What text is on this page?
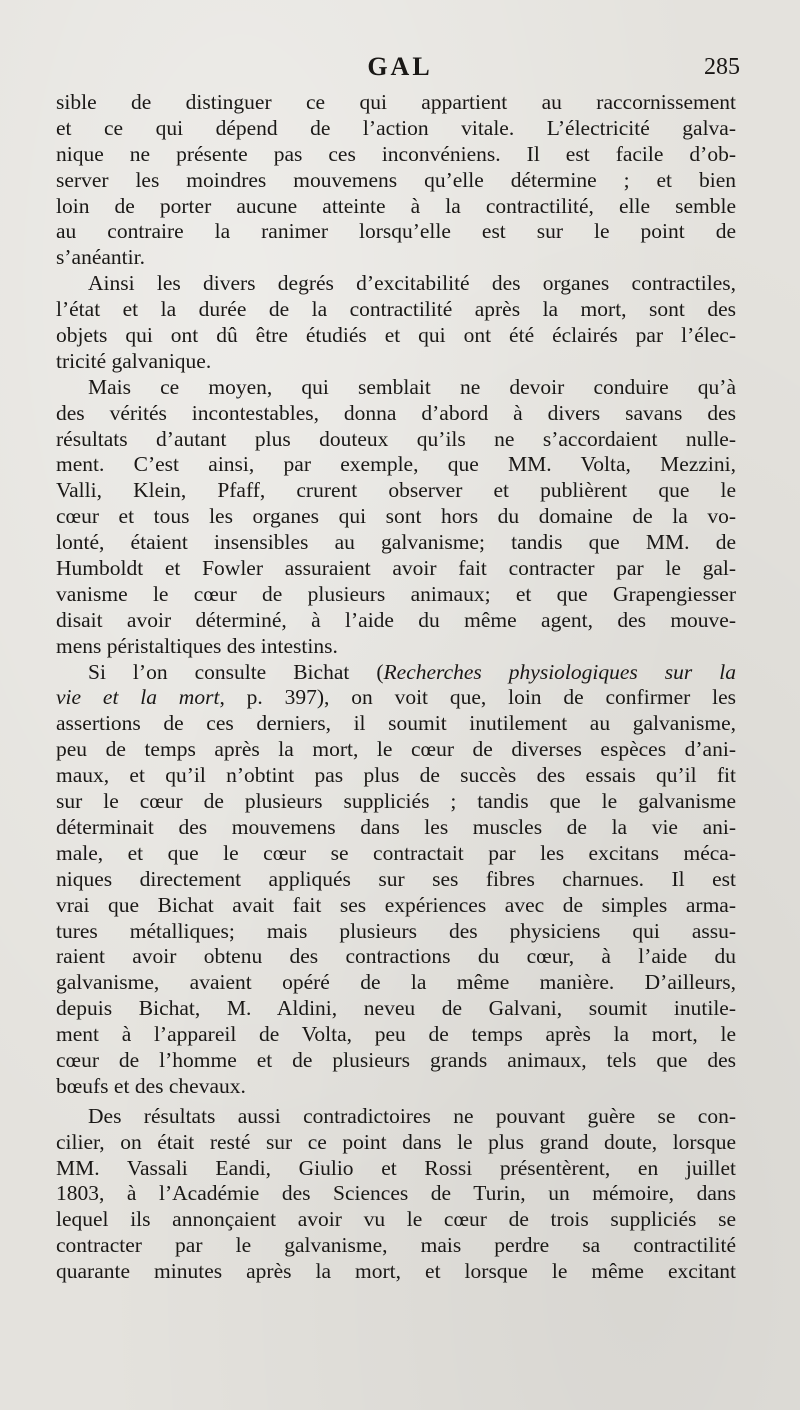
GAL	285
sible de distinguer ce qui appartient au raccornissement
et ce qui dépend de l’action vitale. L’électricité galva-
nique ne présente pas ces inconvéniens. Il est facile d’ob-
server les moindres mouvemens qu’elle détermine ; et bien
loin de porter aucune atteinte à la contractilité, elle semble
au contraire la ranimer lorsqu’elle est sur le point de
s’anéantir.
Ainsi les divers degrés d’excitabilité des organes contractiles,
l’état et la durée de la contractilité après la mort, sont des
objets qui ont dû être étudiés et qui ont été éclairés par l’élec-
tricité galvanique.
Mais ce moyen, qui semblait ne devoir conduire qu’à
des vérités incontestables, donna d’abord à divers savans des
résultats d’autant plus douteux qu’ils ne s’accordaient nulle-
ment. C’est ainsi, par exemple, que MM. Volta, Mezzini,
Valli, Klein, Pfaff, crurent observer et publièrent que le
cœur et tous les organes qui sont hors du domaine de la vo-
lonté, étaient insensibles au galvanisme; tandis que MM. de
Humboldt et Fowler assuraient avoir fait contracter par le gal-
vanisme le cœur de plusieurs animaux; et que Grapengiesser
disait avoir déterminé, à l’aide du même agent, des mouve-
mens péristaltiques des intestins.
Si l’on consulte Bichat (Recherches physiologiques sur la
vie et la mort, p. 397), on voit que, loin de confirmer les
assertions de ces derniers, il soumit inutilement au galvanisme,
peu de temps après la mort, le cœur de diverses espèces d’ani-
maux, et qu’il n’obtint pas plus de succès des essais qu’il fit
sur le cœur de plusieurs suppliciés ; tandis que le galvanisme
déterminait des mouvemens dans les muscles de la vie ani-
male, et que le cœur se contractait par les excitans méca-
niques directement appliqués sur ses fibres charnues. Il est
vrai que Bichat avait fait ses expériences avec de simples arma-
tures métalliques; mais plusieurs des physiciens qui assu-
raient avoir obtenu des contractions du cœur, à l’aide du
galvanisme, avaient opéré de la même manière. D’ailleurs,
depuis Bichat, M. Aldini, neveu de Galvani, soumit inutile-
ment à l’appareil de Volta, peu de temps après la mort, le
cœur de l’homme et de plusieurs grands animaux, tels que des
bœufs et des chevaux.
Des résultats aussi contradictoires ne pouvant guère se con-
cilier, on était resté sur ce point dans le plus grand doute, lorsque
MM. Vassali Eandi, Giulio et Rossi présentèrent, en juillet
1803, à l’Académie des Sciences de Turin, un mémoire, dans
lequel ils annonçaient avoir vu le cœur de trois suppliciés se
contracter par le galvanisme, mais perdre sa contractilité
quarante minutes après la mort, et lorsque le même excitant
